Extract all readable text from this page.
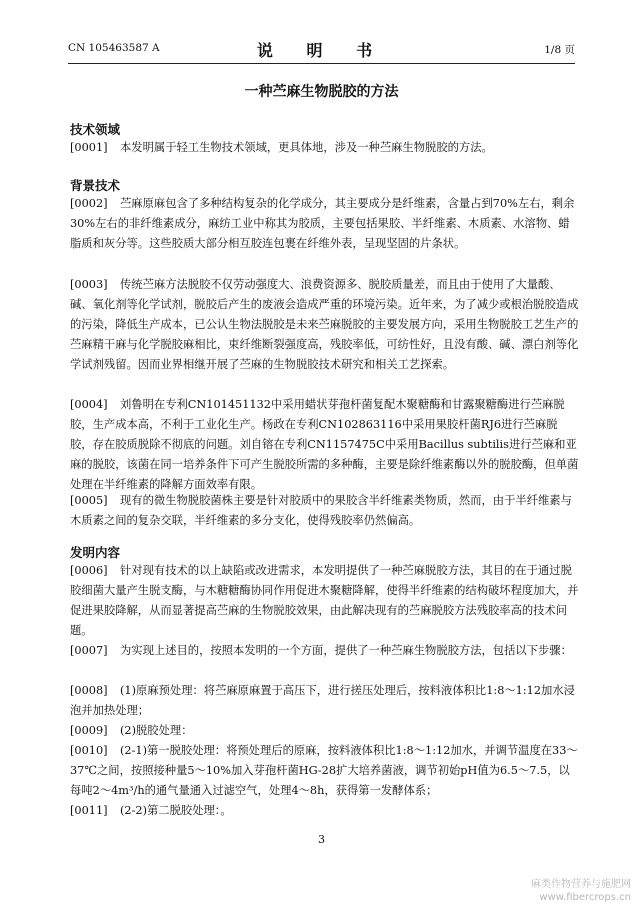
CN 105463587 A	说 明 书	1/8 页
一种苎麻生物脱胶的方法
技术领域
[0001] 本发明属于轻工生物技术领域，更具体地，涉及一种苎麻生物脱胶的方法。
背景技术
[0002] 苎麻原麻包含了多种结构复杂的化学成分，其主要成分是纤维素，含量占到70%左右，剩余30%左右的非纤维素成分，麻纺工业中称其为胶质，主要包括果胶、半纤维素、木质素、水溶物、蜡脂质和灰分等。这些胶质大部分相互胶连包裹在纤维外表，呈现坚固的片条状。
[0003] 传统苎麻方法脱胶不仅劳动强度大、浪费资源多、脱胶质量差，而且由于使用了大量酸、碱、氧化剂等化学试剂，脱胶后产生的废液会造成严重的环境污染。近年来，为了减少或根治脱胶造成的污染，降低生产成本，已公认生物法脱胶是未来苎麻脱胶的主要发展方向，采用生物脱胶工艺生产的苎麻精干麻与化学脱胶麻相比，束纤维断裂强度高，残胶率低，可纺性好，且没有酸、碱、漂白剂等化学试剂残留。因而业界相继开展了苎麻的生物脱胶技术研究和相关工艺探索。
[0004] 刘鲁明在专利CN101451132中采用蜡状芽孢杆菌复配木聚糖酶和甘露聚糖酶进行苎麻脱胶，生产成本高，不利于工业化生产。杨政在专利CN102863116中采用果胶杆菌RJ6进行苎麻脱胶，存在胶质脱除不彻底的问题。刘自镕在专利CN1157475C中采用Bacillus subtilis进行苎麻和亚麻的脱胶，该菌在同一培养条件下可产生脱胶所需的多种酶，主要是除纤维素酶以外的脱胶酶，但单菌处理在半纤维素的降解方面效率有限。
[0005] 现有的微生物脱胶菌株主要是针对胶质中的果胶含半纤维素类物质，然而，由于半纤维素与木质素之间的复杂交联，半纤维素的多分支化，使得残胶率仍然偏高。
发明内容
[0006] 针对现有技术的以上缺陷或改进需求，本发明提供了一种苎麻脱胶方法，其目的在于通过脱胶细菌大量产生脱支酶，与木糖糖酶协同作用促进木聚糖降解，使得半纤维素的结构破坏程度加大，并促进果胶降解，从而显著提高苎麻的生物脱胶效果，由此解决现有的苎麻脱胶方法残胶率高的技术问题。
[0007] 为实现上述目的，按照本发明的一个方面，提供了一种苎麻生物脱胶方法，包括以下步骤：
[0008] (1)原麻预处理：将苎麻原麻置于高压下，进行搓压处理后，按料液体积比1:8～1:12加水浸泡并加热处理；
[0009] (2)脱胶处理：
[0010] (2-1)第一脱胶处理：将预处理后的原麻，按料液体积比1:8～1:12加水，并调节温度在33～37℃之间，按照接种量5～10%加入芽孢杆菌HG-28扩大培养菌液，调节初始pH值为6.5～7.5，以每吨2～4m³/h的通气量通入过滤空气，处理4～8h，获得第一发酵体系；
[0011] (2-2)第二脱胶处理：。
3
麻类作物营养与施肥网
www.fibercrops.cn
